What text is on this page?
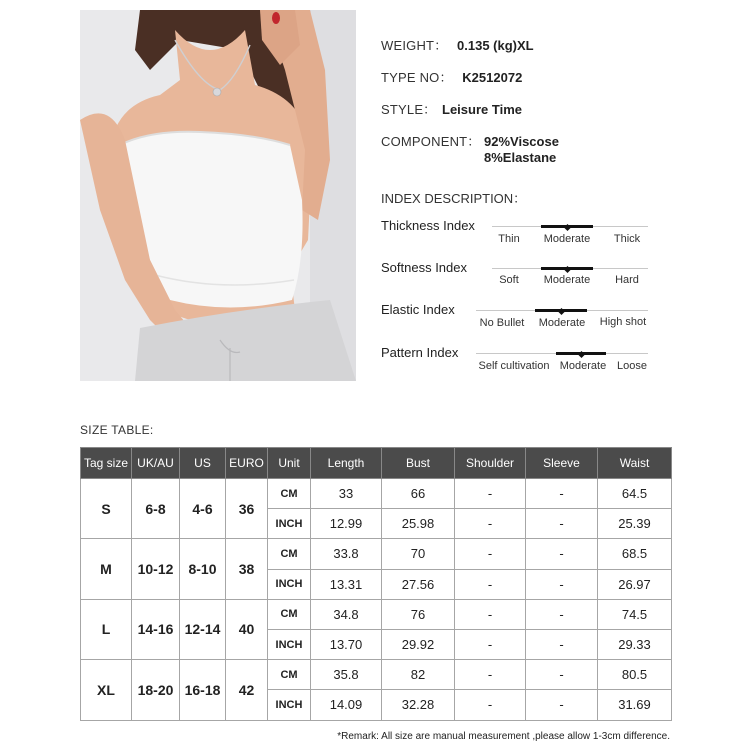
WEIGHT： 0.135 (kg)XL
TYPE NO： K2512072
STYLE： Leisure Time
COMPONENT： 92%Viscose
8%Elastane
INDEX DESCRIPTION：
Thickness Index
Thin	Moderate	Thick
Softness Index
Soft	Moderate	Hard
Elastic Index
No Bullet	Moderate	High shot
Pattern Index
Self cultivation Moderate Loose
SIZE TABLE:
Tag size	UK/AU	US	EURO	Unit	Length	Bust	Shoulder	Sleeve	Waist
S	6-8	4-6	36	CM	33	66	-	-	64.5
				INCH	12.99	25.98	-	-	25.39
M	10-12	8-10	38	CM	33.8	70	-	-	68.5
				INCH	13.31	27.56	-	-	26.97
L	14-16	12-14	40	CM	34.8	76	-	-	74.5
				INCH	13.70	29.92	-	-	29.33
XL	18-20	16-18	42	CM	35.8	82	-	-	80.5
				INCH	14.09	32.28	-	-	31.69
*Remark: All size are manual measurement ,please allow 1-3cm difference.
